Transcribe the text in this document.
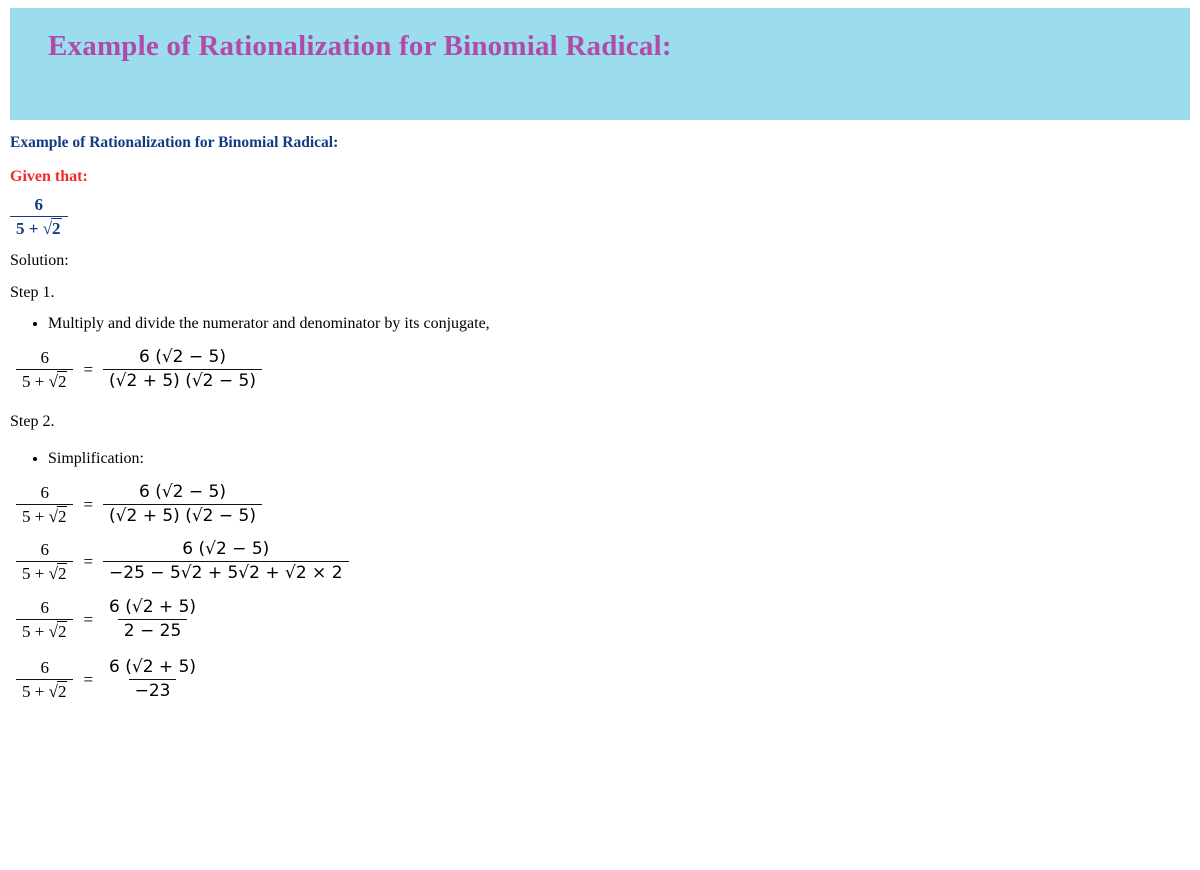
Example of Rationalization for Binomial Radical:
Example of Rationalization for Binomial Radical:
Given that:
$\frac{6}{5 + √2}$
Solution:
Step 1.
• Multiply and divide the numerator and denominator by its conjugate,
$\frac{6}{5 + √2} = \frac{6 (√2 - 5)}{(√2 + 5) (√2 - 5)}$
Step 2.
• Simplification:
$\frac{6}{5 + √2} = \frac{6 (√2 - 5)}{(√2 + 5) (√2 - 5)}$
$\frac{6}{5 + √2} = \frac{6 (√2 - 5)}{-25 - 5√2 + 5√2 + √2 \times 2}$
$\frac{6}{5 + √2} = \frac{6 (√2 + 5)}{2 - 25}$
$\frac{6}{5 + √2} = \frac{6 (√2 + 5)}{-23}$
